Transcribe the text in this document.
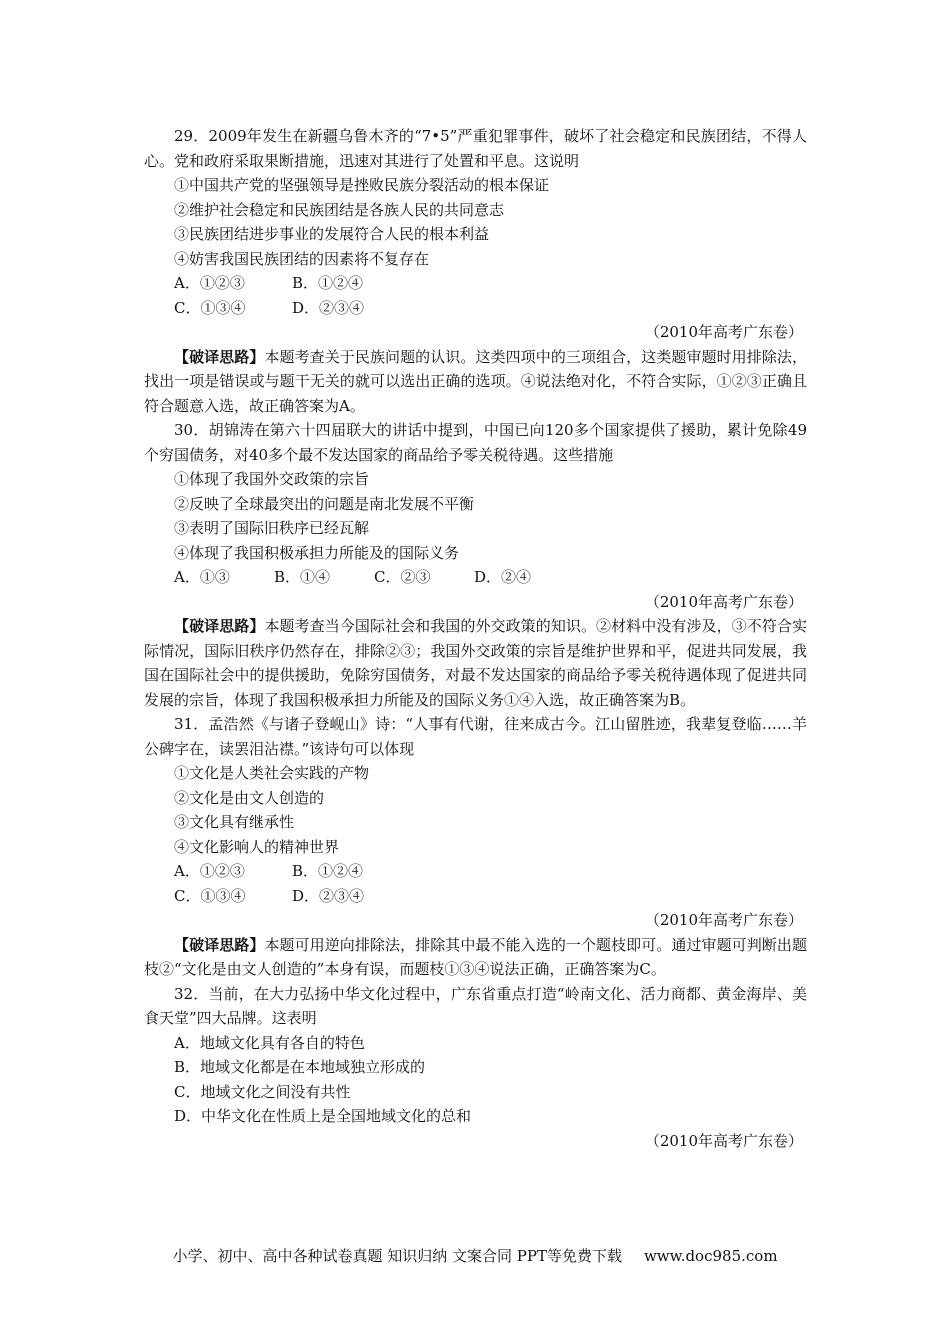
29．2009年发生在新疆乌鲁木齐的“7•5”严重犯罪事件，破坏了社会稳定和民族团结，不得人心。党和政府采取果断措施，迅速对其进行了处置和平息。这说明

①中国共产党的坚强领导是挫败民族分裂活动的根本保证

②维护社会稳定和民族团结是各族人民的共同意志

③民族团结进步事业的发展符合人民的根本利益

④妨害我国民族团结的因素将不复存在

A．①②③	B．①②④
C．①③④	D．②③④

（2010年高考广东卷）

【破译思路】本题考查关于民族问题的认识。这类四项中的三项组合，这类题审题时用排除法，找出一项是错误或与题干无关的就可以选出正确的选项。④说法绝对化，不符合实际，①②③正确且符合题意入选，故正确答案为A。

30．胡锦涛在第六十四届联大的讲话中提到，中国已向120多个国家提供了援助，累计免除49个穷国债务，对40多个最不发达国家的商品给予零关税待遇。这些措施

①体现了我国外交政策的宗旨

②反映了全球最突出的问题是南北发展不平衡

③表明了国际旧秩序已经瓦解

④体现了我国积极承担力所能及的国际义务

A．①③	B．①④	C．②③	D．②④

（2010年高考广东卷）

【破译思路】本题考查当今国际社会和我国的外交政策的知识。②材料中没有涉及，③不符合实际情况，国际旧秩序仍然存在，排除②③；我国外交政策的宗旨是维护世界和平，促进共同发展，我国在国际社会中的提供援助，免除穷国债务，对最不发达国家的商品给予零关税待遇体现了促进共同发展的宗旨，体现了我国积极承担力所能及的国际义务①④入选，故正确答案为B。

31．孟浩然《与诸子登岘山》诗：“人事有代谢，往来成古今。江山留胜迹，我辈复登临……羊公碑字在，读罢泪沾襟。”该诗句可以体现

①文化是人类社会实践的产物

②文化是由文人创造的

③文化具有继承性

④文化影响人的精神世界

A．①②③	B．①②④
C．①③④	D．②③④

（2010年高考广东卷）

【破译思路】本题可用逆向排除法，排除其中最不能入选的一个题枝即可。通过审题可判断出题枝②“文化是由文人创造的”本身有误，而题枝①③④说法正确，正确答案为C。

32．当前，在大力弘扬中华文化过程中，广东省重点打造“岭南文化、活力商都、黄金海岸、美食天堂”四大品牌。这表明

A．地域文化具有各自的特色

B．地域文化都是在本地域独立形成的

C．地域文化之间没有共性

D．中华文化在性质上是全国地域文化的总和

（2010年高考广东卷）

小学、初中、高中各种试卷真题 知识归纳 文案合同 PPT等免费下载 www.doc985.com
